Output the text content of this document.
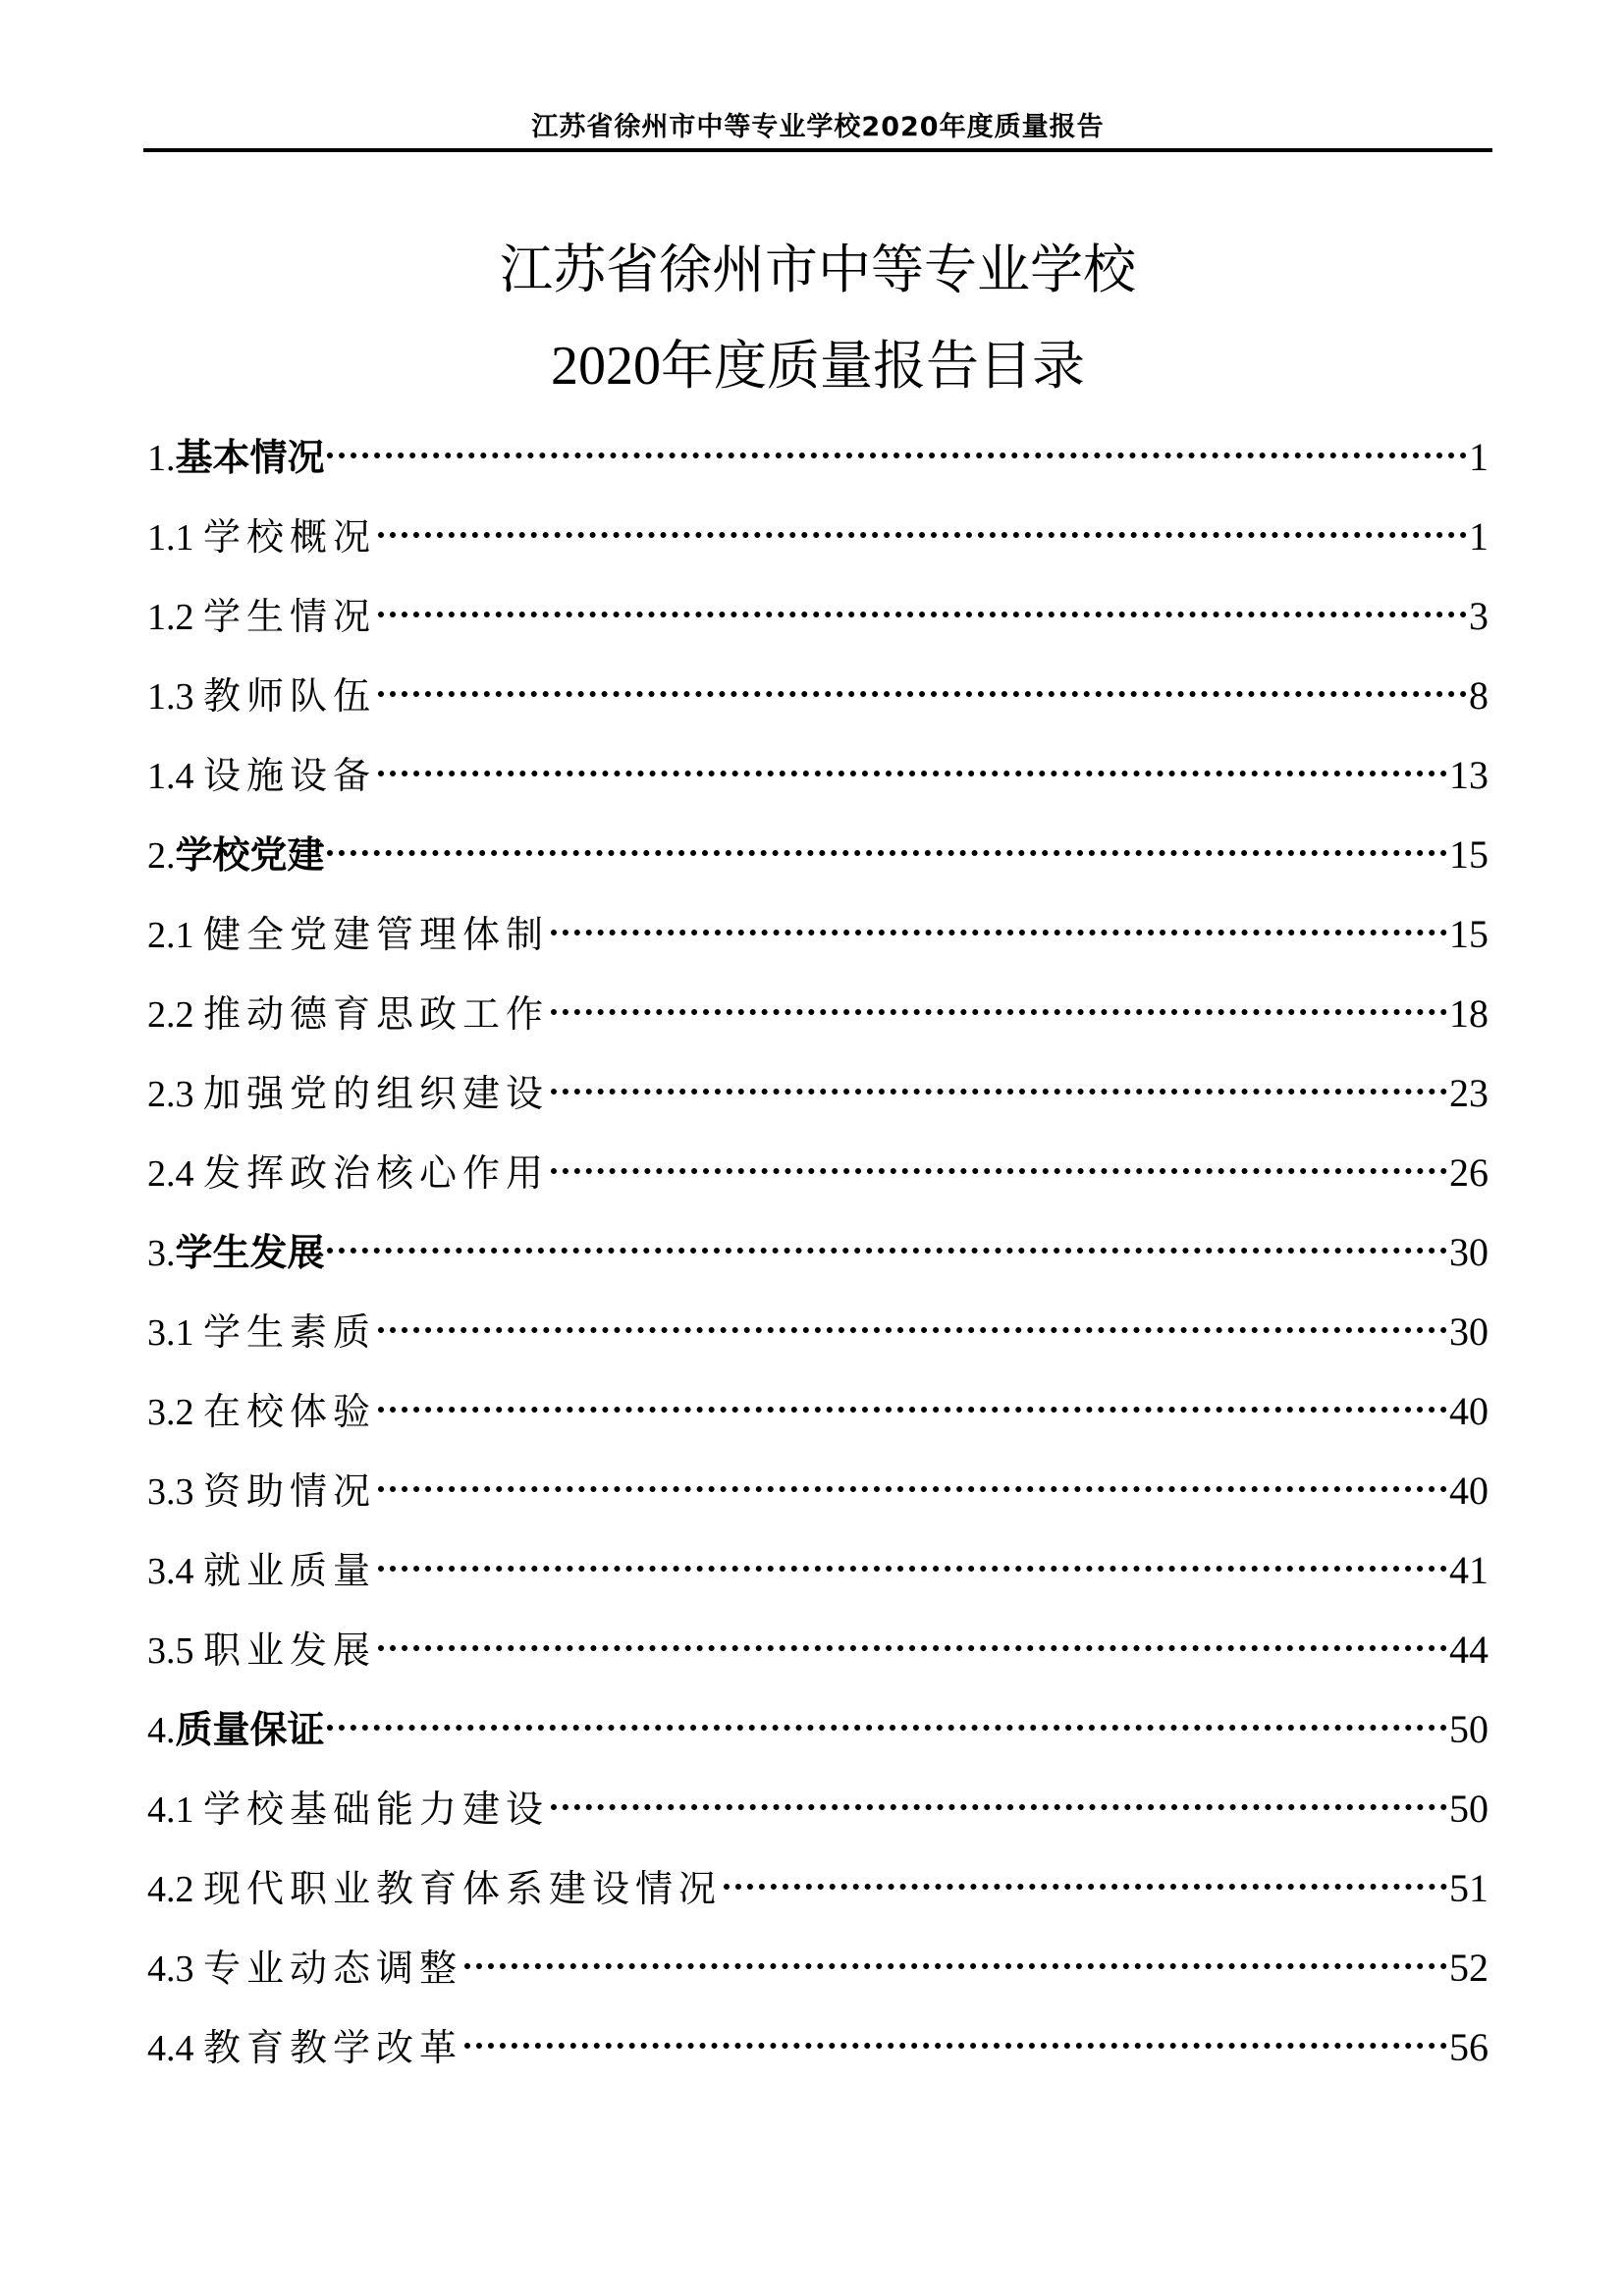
江苏省徐州市中等专业学校2020年度质量报告
江苏省徐州市中等专业学校
2020年度质量报告目录
1.基本情况	1
1.1 学校概况	1
1.2 学生情况	3
1.3 教师队伍	8
1.4 设施设备	13
2.学校党建	15
2.1 健全党建管理体制	15
2.2 推动德育思政工作	18
2.3 加强党的组织建设	23
2.4 发挥政治核心作用	26
3.学生发展	30
3.1 学生素质	30
3.2 在校体验	40
3.3 资助情况	40
3.4 就业质量	41
3.5 职业发展	44
4.质量保证	50
4.1 学校基础能力建设	50
4.2 现代职业教育体系建设情况	51
4.3 专业动态调整	52
4.4 教育教学改革	56
